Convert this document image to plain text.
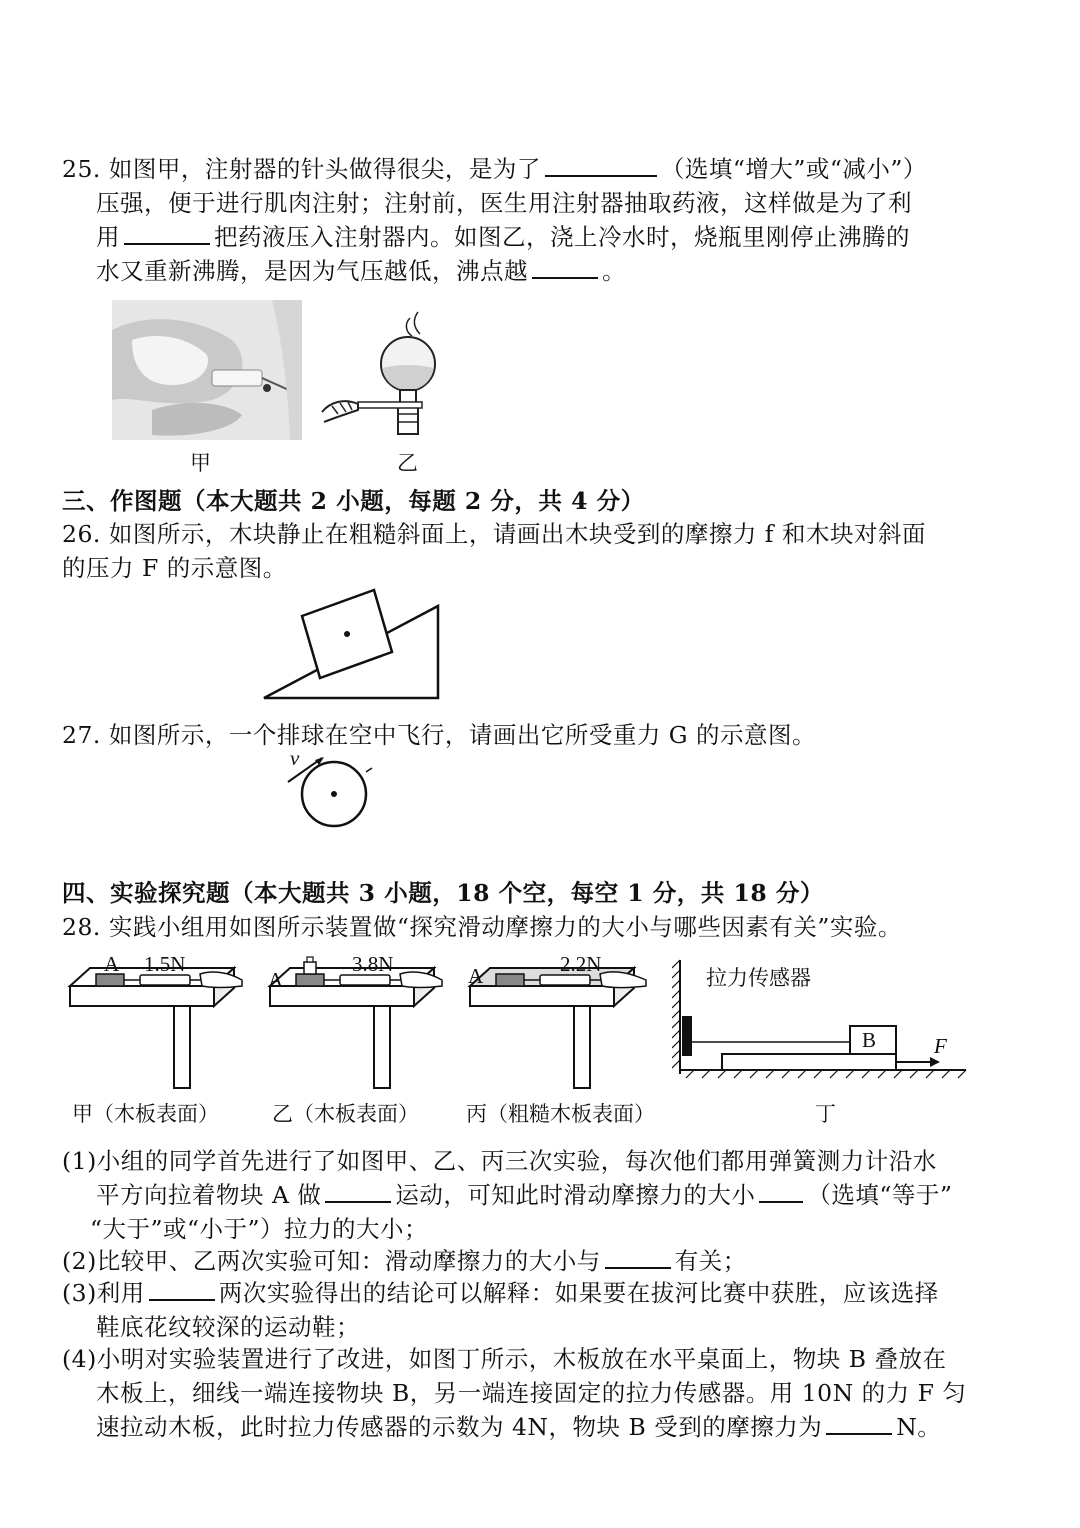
25. 如图甲，注射器的针头做得很尖，是为了	（选填“增大”或“减小”）
压强，便于进行肌肉注射；注射前，医生用注射器抽取药液，这样做是为了利
用	把药液压入注射器内。如图乙，浇上冷水时，烧瓶里刚停止沸腾的
水又重新沸腾，是因为气压越低，沸点越	。
甲	乙
三、作图题（本大题共 2 小题，每题 2 分，共 4 分）
26. 如图所示，木块静止在粗糙斜面上，请画出木块受到的摩擦力 f 和木块对斜面
的压力 F 的示意图。
27. 如图所示，一个排球在空中飞行，请画出它所受重力 G 的示意图。
v
四、实验探究题（本大题共 3 小题，18 个空，每空 1 分，共 18 分）
28. 实践小组用如图所示装置做“探究滑动摩擦力的大小与哪些因素有关”实验。
A 1.5N
甲（木板表面）
A
3.8N
乙（木板表面）
A	2.2N
丙（粗糙木板表面）
拉力传感器
B	F
丁
(1)小组的同学首先进行了如图甲、乙、丙三次实验，每次他们都用弹簧测力计沿水
平方向拉着物块 A 做	运动，可知此时滑动摩擦力的大小 （选填“等于”
“大于”或“小于”）拉力的大小；
(2)比较甲、乙两次实验可知：滑动摩擦力的大小与	有关；
(3)利用	两次实验得出的结论可以解释：如果要在拔河比赛中获胜，应该选择
鞋底花纹较深的运动鞋；
(4)小明对实验装置进行了改进，如图丁所示，木板放在水平桌面上，物块 B 叠放在
木板上，细线一端连接物块 B，另一端连接固定的拉力传感器。用 10N 的力 F 匀
速拉动木板，此时拉力传感器的示数为 4N，物块 B 受到的摩擦力为	N。
